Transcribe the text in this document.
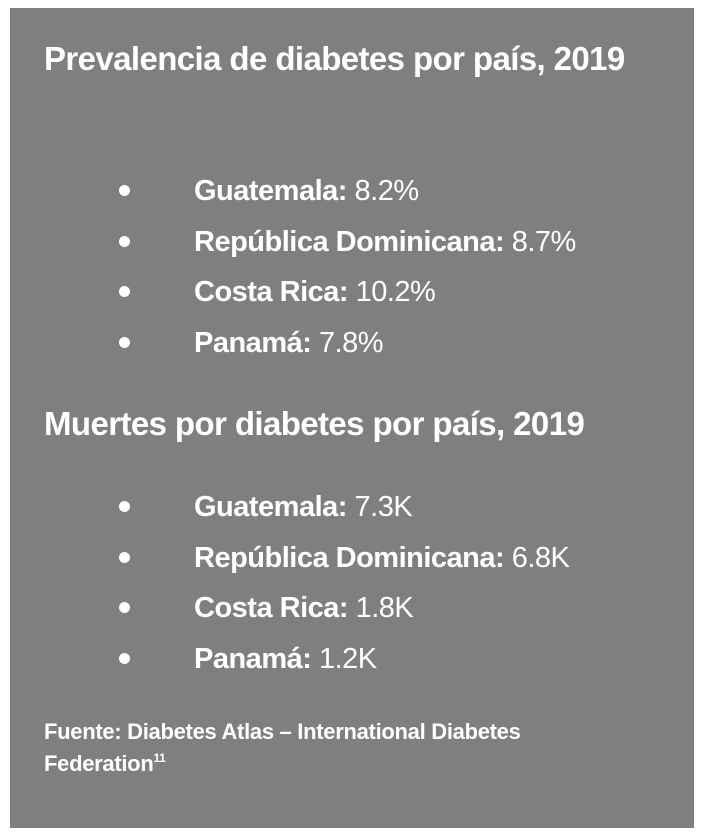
Prevalencia de diabetes por país, 2019
Guatemala: 8.2%
República Dominicana: 8.7%
Costa Rica: 10.2%
Panamá: 7.8%
Muertes por diabetes por país, 2019
Guatemala: 7.3K
República Dominicana: 6.8K
Costa Rica: 1.8K
Panamá: 1.2K
Fuente: Diabetes Atlas – International Diabetes Federation$^{11}$
